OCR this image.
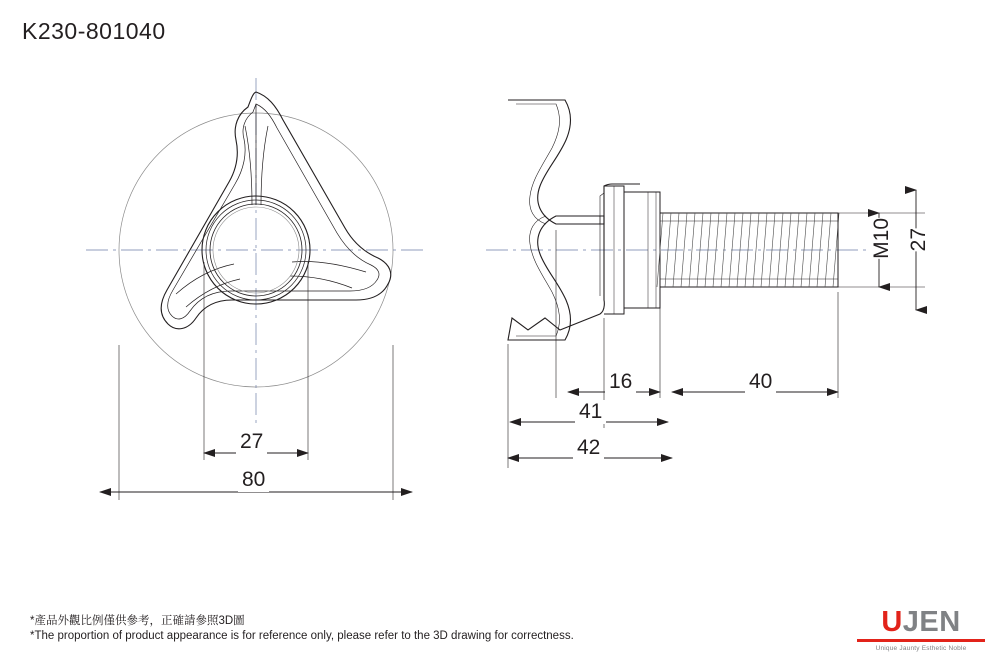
K230-801040
27
80
16	40
41
42
M10 27
*產品外觀比例僅供參考，正確請參照3D圖
*The proportion of product appearance is for reference only, please refer to the 3D drawing for correctness.	UJEN
Unique Jaunty Esthetic Noble
